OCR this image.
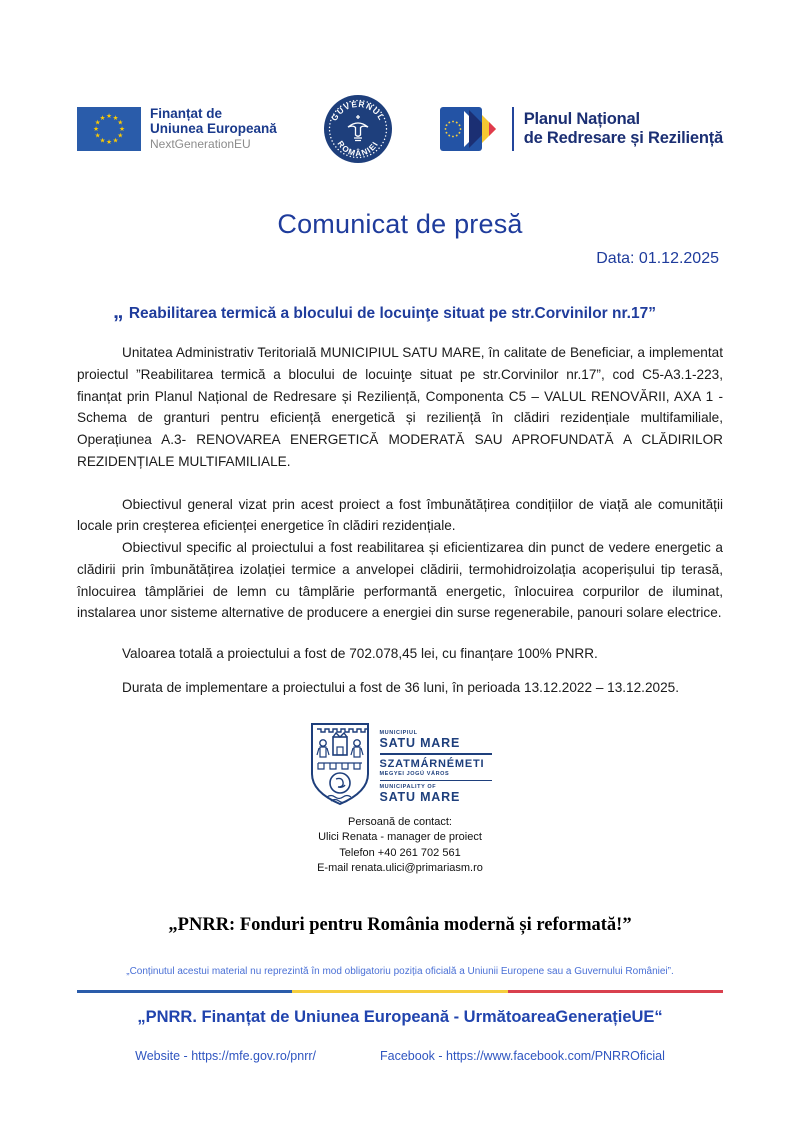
★ ★
★
★
★
★
★
★
★
★
★
★	Finanțat de
Uniunea Europeană
NextGenerationEU
GUVERNUL
ROMÂNIEI
Planul Național
de Redresare și Reziliență
Comunicat de presă
Data: 01.12.2025
„ Reabilitarea termică a blocului de locuinţe situat pe str.Corvinilor nr.17”

Unitatea Administrativ Teritorială MUNICIPIUL SATU MARE, în calitate de Beneficiar, a implementat proiectul ”Reabilitarea termică a blocului de locuinţe situat pe str.Corvinilor nr.17”, cod C5-A3.1-223, finanțat prin Planul Național de Redresare și Reziliență, Componenta C5 – VALUL RENOVĂRII, AXA 1 - Schema de granturi pentru eficiență energetică și reziliență în clădiri rezidențiale multifamiliale, Operațiunea A.3- RENOVAREA ENERGETICĂ MODERATĂ SAU APROFUNDATĂ A CLĂDIRILOR REZIDENȚIALE MULTIFAMILIALE.

Obiectivul general vizat prin acest proiect a fost îmbunătățirea condițiilor de viață ale comunității locale prin creșterea eficienței energetice în clădiri rezidențiale.

Obiectivul specific al proiectului a fost reabilitarea și eficientizarea din punct de vedere energetic a clădirii prin îmbunătățirea izolației termice a anvelopei clădirii, termohidroizolația acoperișului tip terasă, înlocuirea tâmplăriei de lemn cu tâmplărie performantă energetic, înlocuirea corpurilor de iluminat, instalarea unor sisteme alternative de producere a energiei din surse regenerabile, panouri solare electrice.

Valoarea totală a proiectului a fost de 702.078,45 lei, cu finanțare 100% PNRR.
Durata de implementare a proiectului a fost de 36 luni, în perioada 13.12.2022 – 13.12.2025.
MUNICIPIUL
SATU MARE
SZATMÁRNÉMETI
MEGYEI JOGÚ VÁROS
MUNICIPALITY OF
SATU MARE
Persoană de contact:
Ulici Renata - manager de proiect
Telefon +40 261 702 561
E-mail renata.ulici@primariasm.ro
„PNRR: Fonduri pentru România modernă și reformată!”
„Conținutul acestui material nu reprezintă în mod obligatoriu poziția oficială a Uniunii Europene sau a Guvernului României”.
„PNRR. Finanțat de Uniunea Europeană - UrmătoareaGenerațieUE“
Website - https://mfe.gov.ro/pnrr/	Facebook - https://www.facebook.com/PNRROficial
